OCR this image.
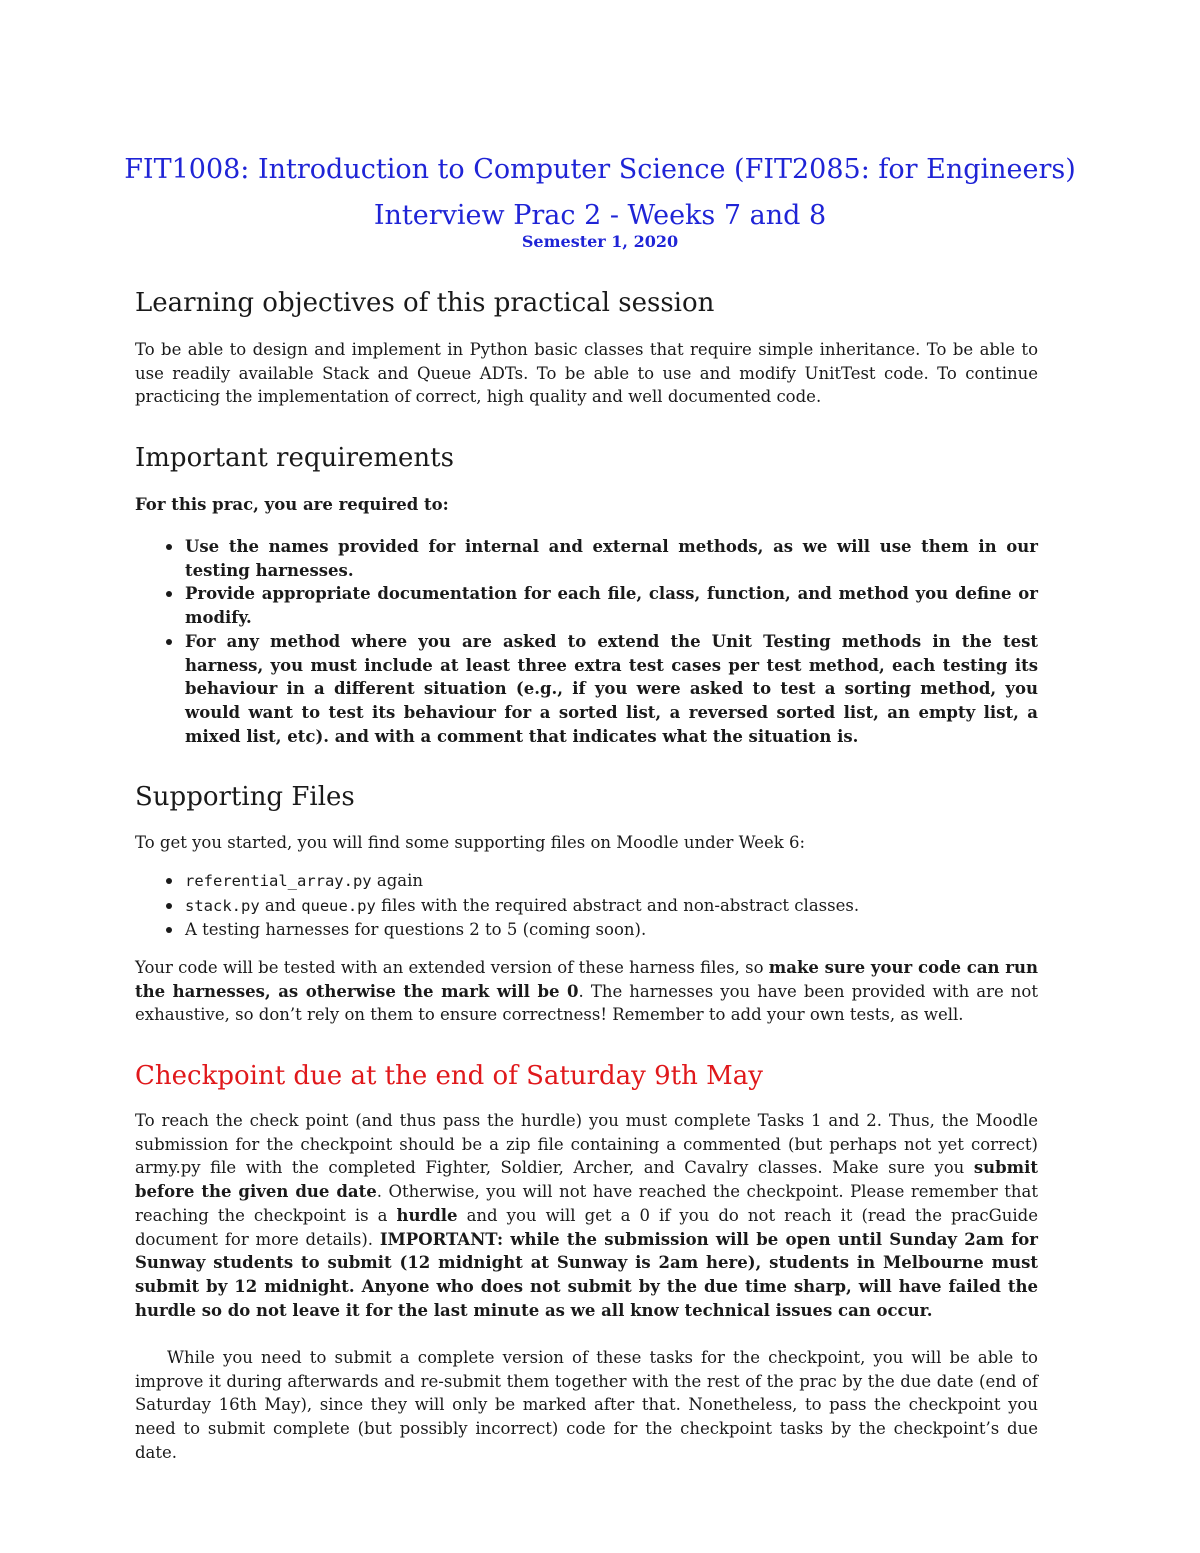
FIT1008: Introduction to Computer Science (FIT2085: for Engineers)
Interview Prac 2 - Weeks 7 and 8
Semester 1, 2020
Learning objectives of this practical session
To be able to design and implement in Python basic classes that require simple inheritance. To be able to use readily available Stack and Queue ADTs. To be able to use and modify UnitTest code. To continue practicing the implementation of correct, high quality and well documented code.
Important requirements
For this prac, you are required to:
Use the names provided for internal and external methods, as we will use them in our testing harnesses.
Provide appropriate documentation for each file, class, function, and method you define or modify.
For any method where you are asked to extend the Unit Testing methods in the test harness, you must include at least three extra test cases per test method, each testing its behaviour in a different situation (e.g., if you were asked to test a sorting method, you would want to test its behaviour for a sorted list, a reversed sorted list, an empty list, a mixed list, etc). and with a comment that indicates what the situation is.
Supporting Files
To get you started, you will find some supporting files on Moodle under Week 6:
referential_array.py again
stack.py and queue.py files with the required abstract and non-abstract classes.
A testing harnesses for questions 2 to 5 (coming soon).
Your code will be tested with an extended version of these harness files, so make sure your code can run the harnesses, as otherwise the mark will be 0. The harnesses you have been provided with are not exhaustive, so don’t rely on them to ensure correctness! Remember to add your own tests, as well.
Checkpoint due at the end of Saturday 9th May
To reach the check point (and thus pass the hurdle) you must complete Tasks 1 and 2. Thus, the Moodle submission for the checkpoint should be a zip file containing a commented (but perhaps not yet correct) army.py file with the completed Fighter, Soldier, Archer, and Cavalry classes. Make sure you submit before the given due date. Otherwise, you will not have reached the checkpoint. Please remember that reaching the checkpoint is a hurdle and you will get a 0 if you do not reach it (read the pracGuide document for more details). IMPORTANT: while the submission will be open until Sunday 2am for Sunway students to submit (12 midnight at Sunway is 2am here), students in Melbourne must submit by 12 midnight. Anyone who does not submit by the due time sharp, will have failed the hurdle so do not leave it for the last minute as we all know technical issues can occur.
While you need to submit a complete version of these tasks for the checkpoint, you will be able to improve it during afterwards and re-submit them together with the rest of the prac by the due date (end of Saturday 16th May), since they will only be marked after that. Nonetheless, to pass the checkpoint you need to submit complete (but possibly incorrect) code for the checkpoint tasks by the checkpoint’s due date.
